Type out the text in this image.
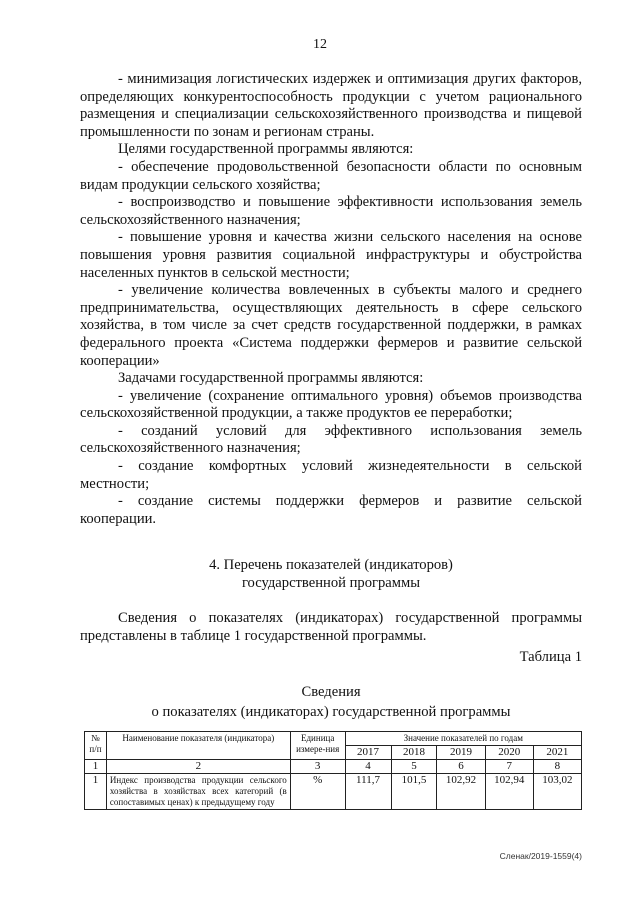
12

- минимизация логистических издержек и оптимизация других факторов, определяющих конкурентоспособность продукции с учетом рационального размещения и специализации сельскохозяйственного производства и пищевой промышленности по зонам и регионам страны.

Целями государственной программы являются:

- обеспечение продовольственной безопасности области по основным видам продукции сельского хозяйства;

- воспроизводство и повышение эффективности использования земель сельскохозяйственного назначения;

- повышение уровня и качества жизни сельского населения на основе повышения уровня развития социальной инфраструктуры и обустройства населенных пунктов в сельской местности;

- увеличение количества вовлеченных в субъекты малого и среднего предпринимательства, осуществляющих деятельность в сфере сельского хозяйства, в том числе за счет средств государственной поддержки, в рамках федерального проекта «Система поддержки фермеров и развитие сельской кооперации»

Задачами государственной программы являются:

- увеличение (сохранение оптимального уровня) объемов производства сельскохозяйственной продукции, а также продуктов ее переработки;

- созданий условий для эффективного использования земель сельскохозяйственного назначения;

- создание комфортных условий жизнедеятельности в сельской местности;

- создание системы поддержки фермеров и развитие сельской кооперации.

4. Перечень показателей (индикаторов)
государственной программы

Сведения о показателях (индикаторах) государственной программы представлены в таблице 1 государственной программы.

Таблица 1
Сведения
о показателях (индикаторах) государственной программы
№ п/п	Наименование показателя (индикатора)	Единица измере-ния	Значение показателей по годам				
			2017	2018	2019	2020	2021
1	2	3	4	5	6	7	8
1	Индекс производства продукции сельского хозяйства в хозяйствах всех категорий (в сопоставимых ценах) к предыдущему году	%	111,7	101,5	102,92	102,94	103,02
Сленак/2019-1559(4)
